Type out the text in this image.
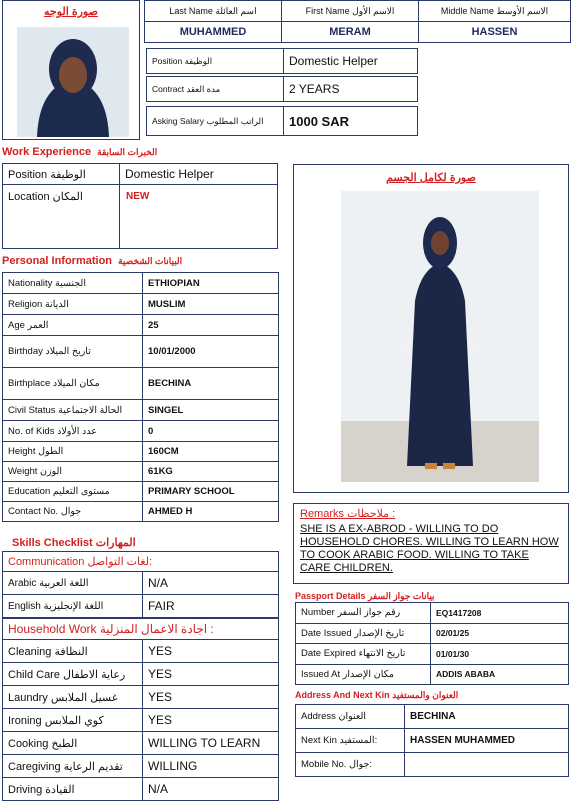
صورة الوجه	Last Name اسم العائلة	First Name الاسم الأول	Middle Name الاسم الأوسط
MUHAMMED	MERAM	HASSEN
Position الوظيفة	Domestic Helper
Contract مدة العقد	2 YEARS
Asking Salary الراتب المطلوب	1000 SAR
Work Experience الخبرات السابقة
Position الوظيفة	Domestic Helper
Location المكان	NEW
Personal Information البيانات الشخصية
Nationality الجنسية	ETHIOPIAN
Religion الديانة	MUSLIM
Age العمر	25
Birthday تاريخ الميلاد	10/01/2000
Birthplace مكان الميلاد	BECHINA
Civil Status الحالة الاجتماعية	SINGEL
No. of Kids عدد الأولاد	0
Height الطول	160CM
Weight الوزن	61KG
Education مستوى التعليم	PRIMARY SCHOOL
Contact No. جوال	AHMED H
Skills Checklist المهارات
Communication لغات التواصل:
Arabic اللغة العربية	N/A
English اللغة الإنجليزية	FAIR
Household Work اجادة الاعمال المنزلية :
Cleaning النظافة	YES
Child Care رعاية الاطفال	YES
Laundry غسيل الملابس	YES
Ironing كوي الملابس	YES
Cooking الطبخ	WILLING TO LEARN
Caregiving تقديم الرعاية	WILLING
Driving القيادة	N/A
صورة لكامل الجسم
Remarks ملاحظات :
SHE IS A EX-ABROD - WILLING TO DO HOUSEHOLD CHORES. WILLING TO LEARN HOW TO COOK ARABIC FOOD. WILLING TO TAKE CARE CHILDREN.
Passport Details بيانات جواز السفر
Number رقم جواز السفر	EQ1417208
Date Issued تاريخ الإصدار	02/01/25
Date Expired تاريخ الانتهاء	01/01/30
Issued At مكان الإصدار	ADDIS ABABA
Address And Next Kin العنوان والمستفيد
Address العنوان	BECHINA
Next Kin المستفيد:	HASSEN MUHAMMED
Mobile No. جوال:	
